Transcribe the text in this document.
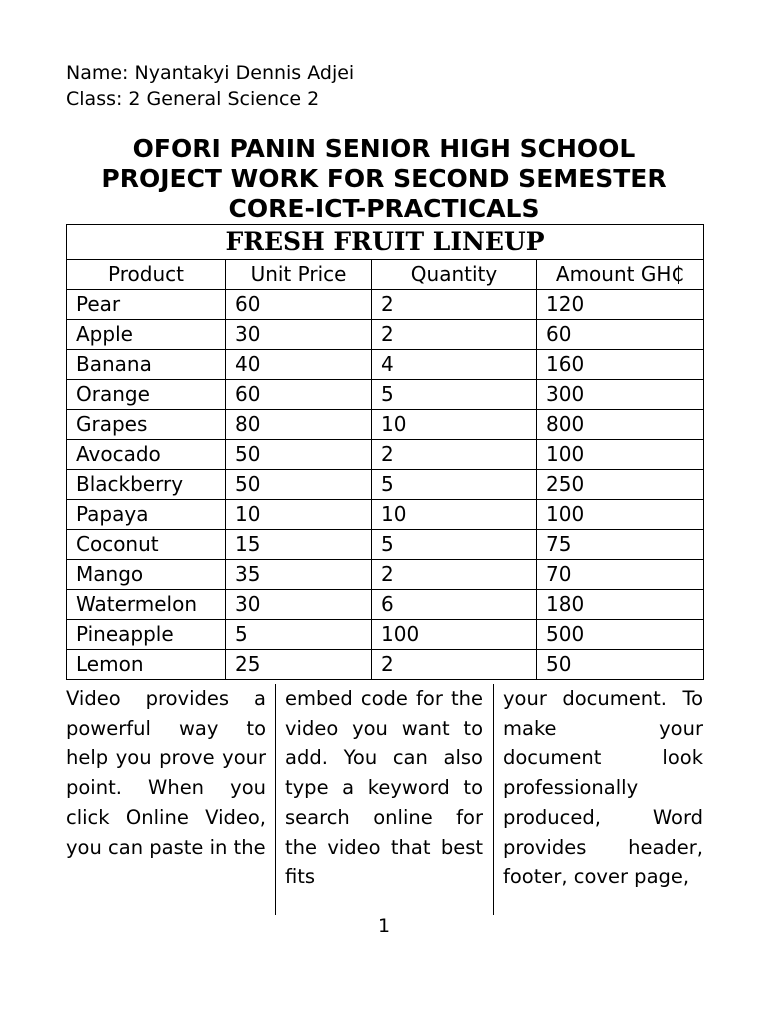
Name: Nyantakyi Dennis Adjei
Class: 2 General Science 2
OFORI PANIN SENIOR HIGH SCHOOL
PROJECT WORK FOR SECOND SEMESTER
CORE-ICT-PRACTICALS
FRESH FRUIT LINEUP			
Product	Unit Price	Quantity	Amount GH₵
Pear	60	2	120
Apple	30	2	60
Banana	40	4	160
Orange	60	5	300
Grapes	80	10	800
Avocado	50	2	100
Blackberry	50	5	250
Papaya	10	10	100
Coconut	15	5	75
Mango	35	2	70
Watermelon	30	6	180
Pineapple	5	100	500
Lemon	25	2	50
Video provides a powerful way to help you prove your point. When you click Online Video, you can paste in the
embed code for the video you want to add. You can also type a keyword to search online for the video that best fits
your document. To make your document look professionally produced, Word provides header, footer, cover page,
1
